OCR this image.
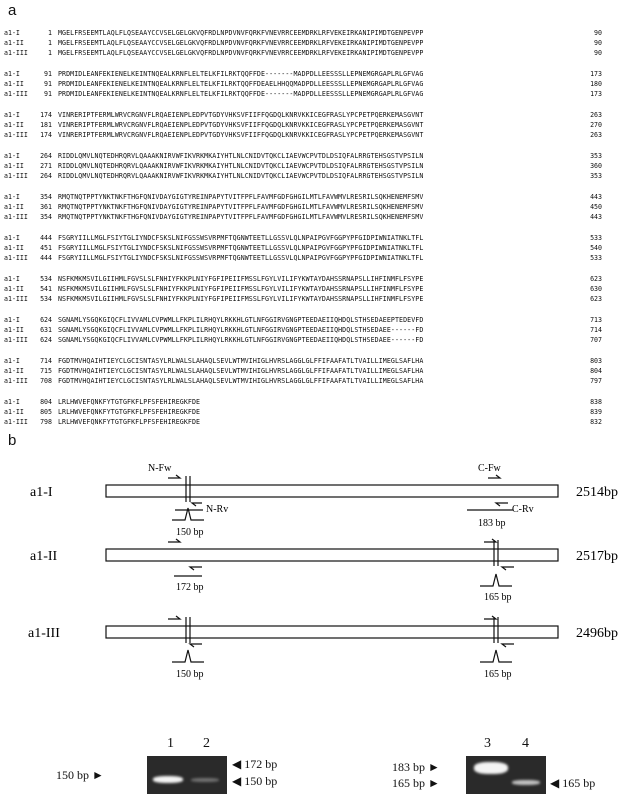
a
b
a1-I	1 MGELFRSEEMTLAQLFLQSEAAYCCVSELGELGKVQFRDLNPDVNVFQRKFVNEVRRCEEMDRKLRFVEKEIRKANIPIMDTGENPEVPP	90
a1-II	1 MGELFRSEEMTLAQLFLQSEAAYCCVSELGELGKVQFRDLNPDVNVFQRKFVNEVRRCEEMDRKLRFVEKEIRKANIPIMDTGENPEVPP	90
a1-III	1 MGELFRSEEMTLAQLFLQSEAAYCCVSELGELGKVQFRDLNPDVNVFQRKFVNEVRRCEEMDRKLRFVEKEIRKANIPIMDTGENPEVPP	90
a1-I	91 PRDMIDLEANFEKIENELKEINTNQEALKRNFLELTELKFILRKTQQFFDE-------MADPDLLEESSSLLEPNEMGRGAPLRLGFVAG	173
a1-II	91 PRDMIDLEANFEKIENELKEINTNQEALKRNFLELTELKFILRKTQQFFDEAELHHQQMADPDLLEESSSLLEPNEMGRGAPLRLGFVAG	180
a1-III	91 PRDMIDLEANFEKIENELKEINTNQEALKRNFLELTELKFILRKTQQFFDE-------MADPDLLEESSSLLEPNEMGRGAPLRLGFVAG	173
a1-I	174 VINRERIPTFERMLWRVCRGNVFLRQAEIENPLEDPVTGDYVHKSVFIIFFQGDQLKNRVKKICEGFRASLYPCPETPQERKEMASGVNT	263
a1-II	181 VINRERIPTFERMLWRVCRGNVFLRQAEIENPLEDPVTGDYVHKSVFIIFFQGDQLKNRVKKICEGFRASLYPCPETPQERKEMASGVNT	270
a1-III	174 VINRERIPTFERMLWRVCRGNVFLRQAEIENPLEDPVTGDYVHKSVFIIFFQGDQLKNRVKKICEGFRASLYPCPETPQERKEMASGVNT	263
a1-I	264 RIDDLQMVLNQTEDHRQRVLQAAAKNIRVWFIKVRKMKAIYHTLNLCNIDVTQKCLIAEVWCPVTDLDSIQFALRRGTEHSGSTVPSILN	353
a1-II	271 RIDDLQMVLNQTEDHRQRVLQAAAKNIRVWFIKVRKMKAIYHTLNLCNIDVTQKCLIAEVWCPVTDLDSIQFALRRGTEHSGSTVPSILN	360
a1-III	264 RIDDLQMVLNQTEDHRQRVLQAAAKNIRVWFIKVRKMKAIYHTLNLCNIDVTQKCLIAEVWCPVTDLDSIQFALRRGTEHSGSTVPSILN	353
a1-I	354 RMQTNQTPPTYNKTNKFTHGFQNIVDAYGIGTYREINPAPYTVITFPFLFAVMFGDFGHGILMTLFAVWMVLRESRILSQKHENEMFSMV	443
a1-II	361 RMQTNQTPPTYNKTNKFTHGFQNIVDAYGIGTYREINPAPYTVITFPFLFAVMFGDFGHGILMTLFAVWMVLRESRILSQKHENEMFSMV	450
a1-III	354 RMQTNQTPPTYNKTNKFTHGFQNIVDAYGIGTYREINPAPYTVITFPFLFAVMFGDFGHGILMTLFAVWMVLRESRILSQKHENEMFSMV	443
a1-I	444 FSGRYIILLMGLFSIYTGLIYNDCFSKSLNIFGSSWSVRPMFTQGNWTEETLLGSSVLQLNPAIPGVFGGPYPFGIDPIWNIATNKLTFL	533
a1-II	451 FSGRYIILLMGLFSIYTGLIYNDCFSKSLNIFGSSWSVRPMFTQGNWTEETLLGSSVLQLNPAIPGVFGGPYPFGIDPIWNIATNKLTFL	540
a1-III	444 FSGRYIILLMGLFSIYTGLIYNDCFSKSLNIFGSSWSVRPMFTQGNWTEETLLGSSVLQLNPAIPGVFGGPYPFGIDPIWNIATNKLTFL	533
a1-I	534 NSFKMKMSVILGIIHMLFGVSLSLFNHIYFKKPLNIYFGFIPEIIFMSSLFGYLVILIFYKWTAYDAHSSRNAPSLLIHFINMFLFSYPE	623
a1-II	541 NSFKMKMSVILGIIHMLFGVSLSLFNHIYFKKPLNIYFGFIPEIIFMSSLFGYLVILIFYKWTAYDAHSSRNAPSLLIHFINMFLFSYPE	630
a1-III	534 NSFKMKMSVILGIIHMLFGVSLSLFNHIYFKKPLNIYFGFIPEIIFMSSLFGYLVILIFYKWTAYDAHSSRNAPSLLIHFINMFLFSYPE	623
a1-I	624 SGNAMLYSGQKGIQCFLIVVAMLCVPWMLLFKPLILRHQYLRKKHLGTLNFGGIRVGNGPTEEDAEIIQHDQLSTHSEDAEEPTEDEVFD	713
a1-II	631 SGNAMLYSGQKGIQCFLIVVAMLCVPWMLLFKPLILRHQYLRKKHLGTLNFGGIRVGNGPTEEDAEIIQHDQLSTHSEDAEE------FD	714
a1-III	624 SGNAMLYSGQKGIQCFLIVVAMLCVPWMLLFKPLILRHQYLRKKHLGTLNFGGIRVGNGPTEEDAEIIQHDQLSTHSEDAEE------FD	707
a1-I	714 FGDTMVHQAIHTIEYCLGCISNTASYLRLWALSLAHAQLSEVLWTMVIHIGLHVRSLAGGLGLFFIFAAFATLTVAILLIMEGLSAFLHA	803
a1-II	715 FGDTMVHQAIHTIEYCLGCISNTASYLRLWALSLAHAQLSEVLWTMVIHIGLHVRSLAGGLGLFFIFAAFATLTVAILLIMEGLSAFLHA	804
a1-III	708 FGDTMVHQAIHTIEYCLGCISNTASYLRLWALSLAHAQLSEVLWTMVIHIGLHVRSLAGGLGLFFIFAAFATLTVAILLIMEGLSAFLHA	797
a1-I	804 LRLHWVEFQNKFYTGTGFKFLPFSFEHIREGKFDE	838
a1-II	805 LRLHWVEFQNKFYTGTGFKFLPFSFEHIREGKFDE	839
a1-III	798 LRLHWVEFQNKFYTGTGFKFLPFSFEHIREGKFDE	832
a1-I
N-Fw
N-Rv
C-Fw
C-Rv
150 bp
183 bp
2514bp
a1-II
172 bp
165 bp
2517bp
a1-III
150 bp	165 bp
2496bp
1 2	3 4
150 bp ►
◀ 172 bp
◀ 150 bp
183 bp ►
165 bp ►	◀ 165 bp
